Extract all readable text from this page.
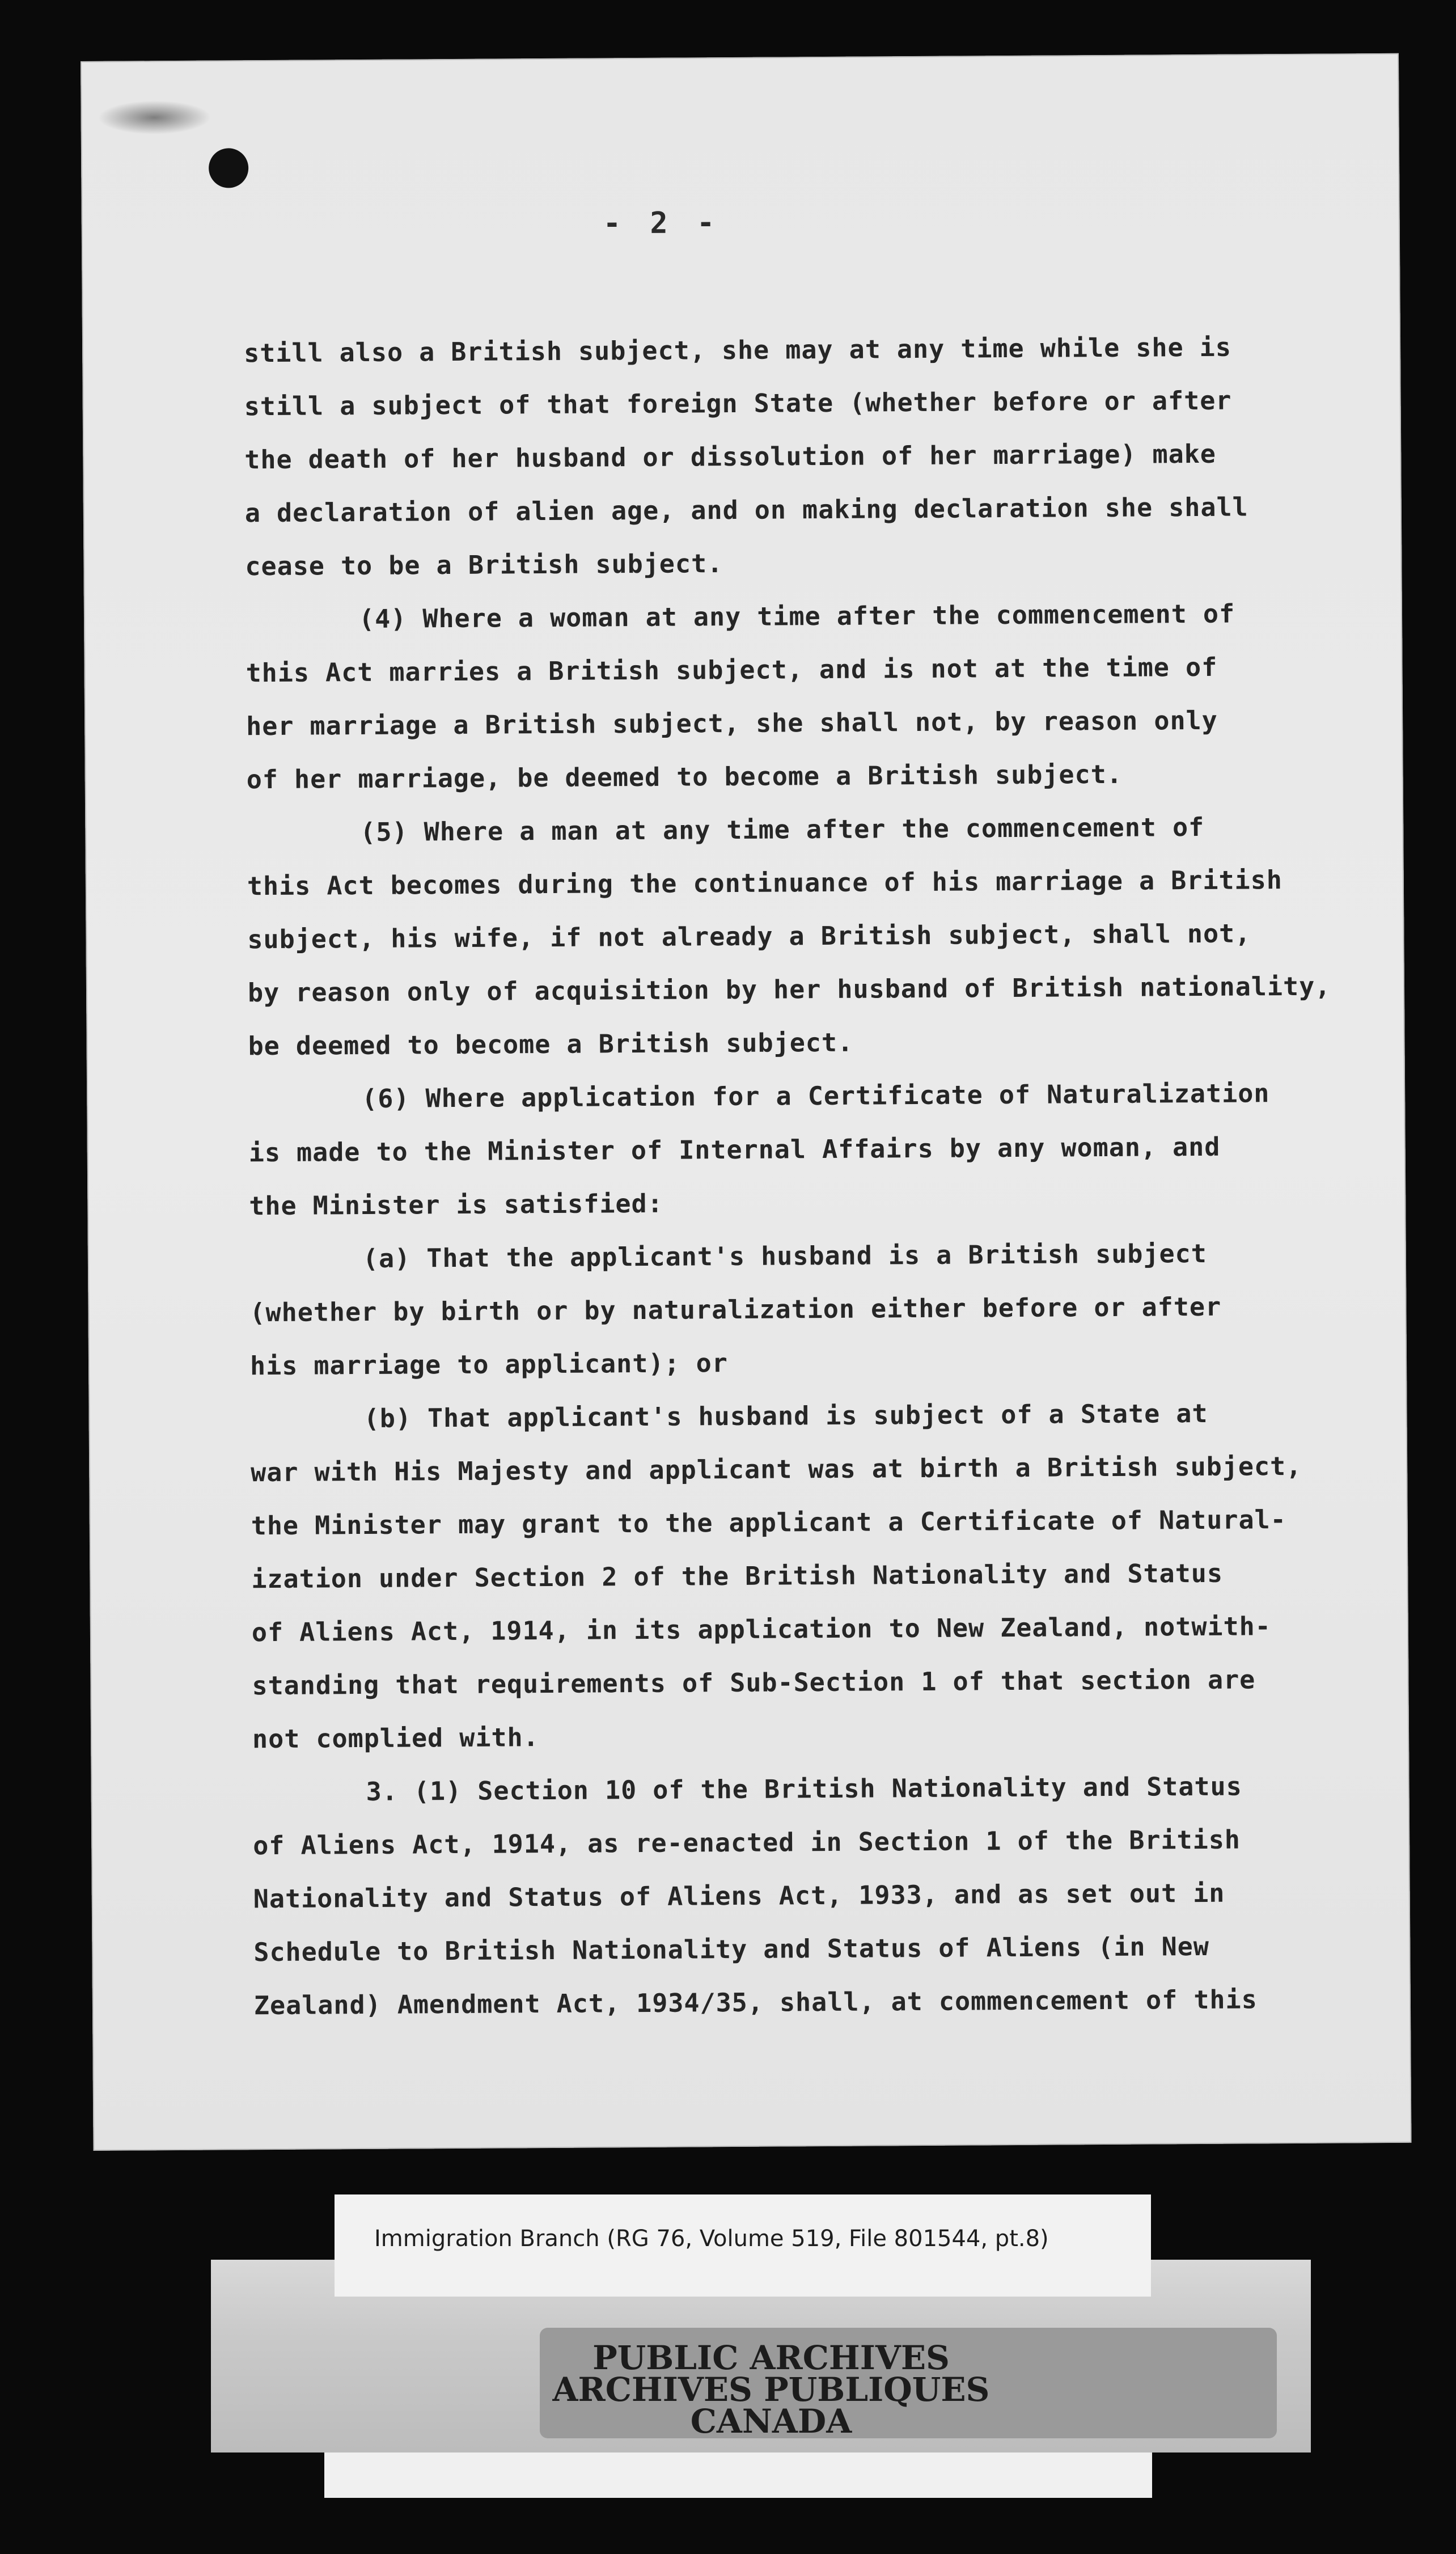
- 2 -
still also a British subject, she may at any time while she is
still a subject of that foreign State (whether before or after
the death of her husband or dissolution of her marriage) make
a declaration of alien age, and on making declaration she shall
cease to be a British subject.
(4) Where a woman at any time after the commencement of
this Act marries a British subject, and is not at the time of
her marriage a British subject, she shall not, by reason only
of her marriage, be deemed to become a British subject.
(5) Where a man at any time after the commencement of
this Act becomes during the continuance of his marriage a British
subject, his wife, if not already a British subject, shall not,
by reason only of acquisition by her husband of British nationality,
be deemed to become a British subject.
(6) Where application for a Certificate of Naturalization
is made to the Minister of Internal Affairs by any woman, and
the Minister is satisfied:
(a) That the applicant's husband is a British subject
(whether by birth or by naturalization either before or after
his marriage to applicant); or
(b) That applicant's husband is subject of a State at
war with His Majesty and applicant was at birth a British subject,
the Minister may grant to the applicant a Certificate of Natural-
ization under Section 2 of the British Nationality and Status
of Aliens Act, 1914, in its application to New Zealand, notwith-
standing that requirements of Sub-Section 1 of that section are
not complied with.
3. (1) Section 10 of the British Nationality and Status
of Aliens Act, 1914, as re-enacted in Section 1 of the British
Nationality and Status of Aliens Act, 1933, and as set out in
Schedule to British Nationality and Status of Aliens (in New
Zealand) Amendment Act, 1934/35, shall, at commencement of this
Immigration Branch (RG 76, Volume 519, File 801544, pt.8)
PUBLIC ARCHIVES
ARCHIVES PUBLIQUES
CANADA
